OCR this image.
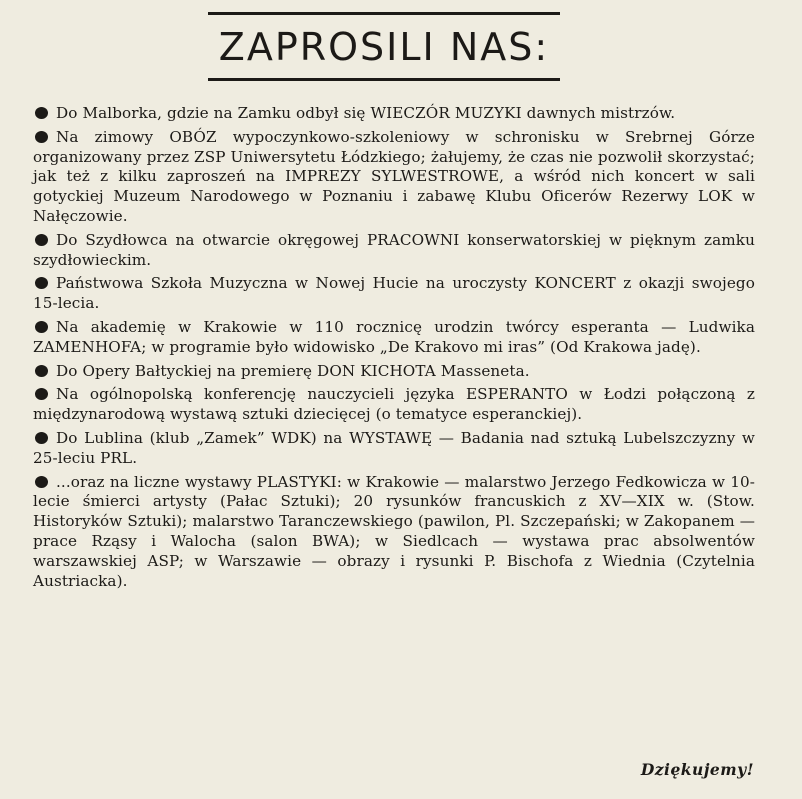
ZAPROSILI NAS:

Do Malborka, gdzie na Zamku odbył się WIECZÓR MUZYKI dawnych mistrzów.

Na zimowy OBÓZ wypoczynkowo-szkoleniowy w schronisku w Srebrnej Górze organizowany przez ZSP Uniwersytetu Łódzkiego; żałujemy, że czas nie pozwolił skorzystać; jak też z kilku zaproszeń na IMPREZY SYLWESTROWE, a wśród nich koncert w sali gotyckiej Muzeum Narodowego w Poznaniu i zabawę Klubu Oficerów Rezerwy LOK w Nałęczowie.

Do Szydłowca na otwarcie okręgowej PRACOWNI konserwatorskiej w pięknym zamku szydłowieckim.

Państwowa Szkoła Muzyczna w Nowej Hucie na uroczysty KONCERT z okazji swojego 15-lecia.

Na akademię w Krakowie w 110 rocznicę urodzin twórcy esperanta — Ludwika ZAMENHOFA; w programie było widowisko „De Krakovo mi iras” (Od Krakowa jadę).

Do Opery Bałtyckiej na premierę DON KICHOTA Masseneta.

Na ogólnopolską konferencję nauczycieli języka ESPERANTO w Łodzi połączoną z międzynarodową wystawą sztuki dziecięcej (o tematyce esperanckiej).

Do Lublina (klub „Zamek” WDK) na WYSTAWĘ — Badania nad sztuką Lubelszczyzny w 25-leciu PRL.

...oraz na liczne wystawy PLASTYKI: w Krakowie — malarstwo Jerzego Fedkowicza w 10-lecie śmierci artysty (Pałac Sztuki); 20 rysunków francuskich z XV—XIX w. (Stow. Historyków Sztuki); malarstwo Taranczewskiego (pawilon, Pl. Szczepański; w Zakopanem — prace Rząsy i Walocha (salon BWA); w Siedlcach — wystawa prac absolwentów warszawskiej ASP; w Warszawie — obrazy i rysunki P. Bischofa z Wiednia (Czytelnia Austriacka).

Dziękujemy!
